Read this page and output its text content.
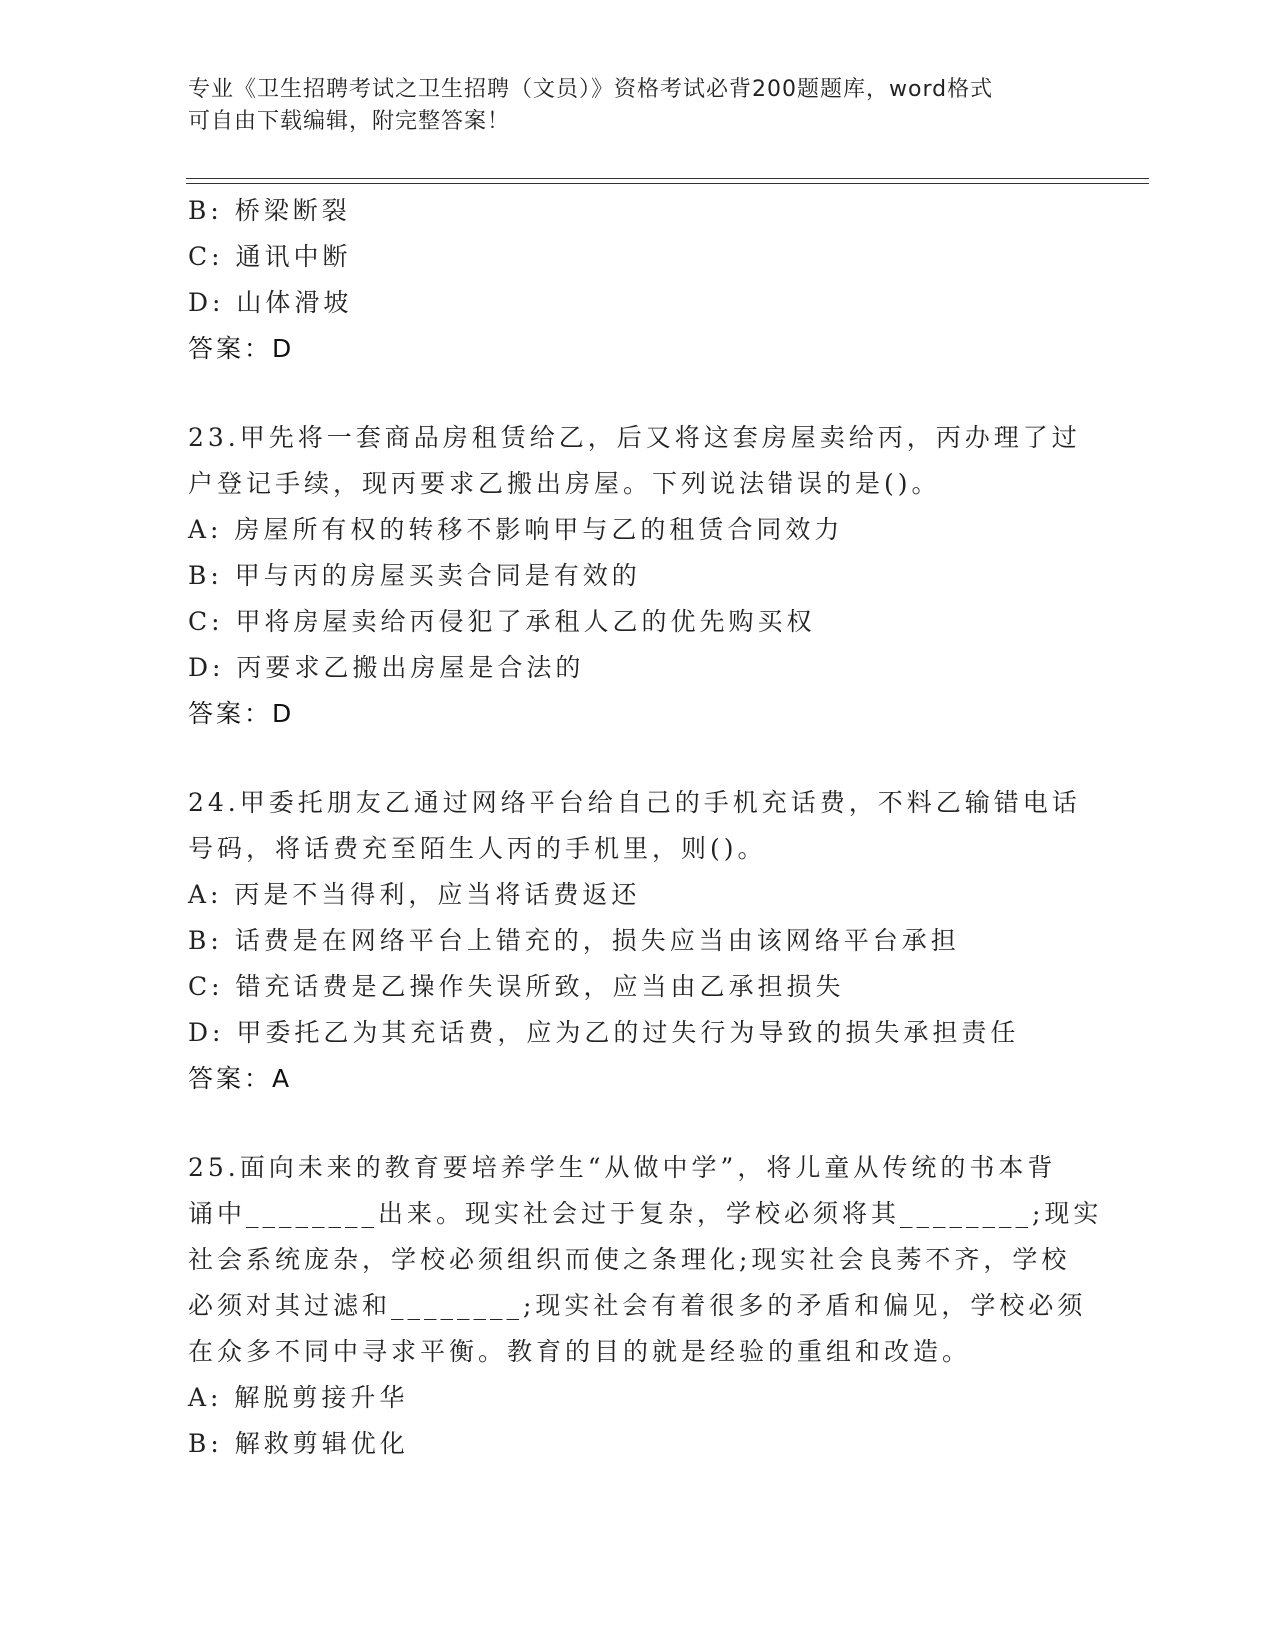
专业《卫生招聘考试之卫生招聘（文员）》资格考试必背200题题库，word格式
可自由下载编辑，附完整答案！
B: 桥梁断裂
C: 通讯中断
D: 山体滑坡
答案：D
23.甲先将一套商品房租赁给乙，后又将这套房屋卖给丙，丙办理了过
户登记手续，现丙要求乙搬出房屋。下列说法错误的是()。
A: 房屋所有权的转移不影响甲与乙的租赁合同效力
B: 甲与丙的房屋买卖合同是有效的
C: 甲将房屋卖给丙侵犯了承租人乙的优先购买权
D: 丙要求乙搬出房屋是合法的
答案：D
24.甲委托朋友乙通过网络平台给自己的手机充话费，不料乙输错电话
号码，将话费充至陌生人丙的手机里，则()。
A: 丙是不当得利，应当将话费返还
B: 话费是在网络平台上错充的，损失应当由该网络平台承担
C: 错充话费是乙操作失误所致，应当由乙承担损失
D: 甲委托乙为其充话费，应为乙的过失行为导致的损失承担责任
答案：A
25.面向未来的教育要培养学生“从做中学”，将儿童从传统的书本背
诵中________出来。现实社会过于复杂，学校必须将其________;现实
社会系统庞杂，学校必须组织而使之条理化;现实社会良莠不齐，学校
必须对其过滤和________;现实社会有着很多的矛盾和偏见，学校必须
在众多不同中寻求平衡。教育的目的就是经验的重组和改造。
A: 解脱剪接升华
B: 解救剪辑优化
